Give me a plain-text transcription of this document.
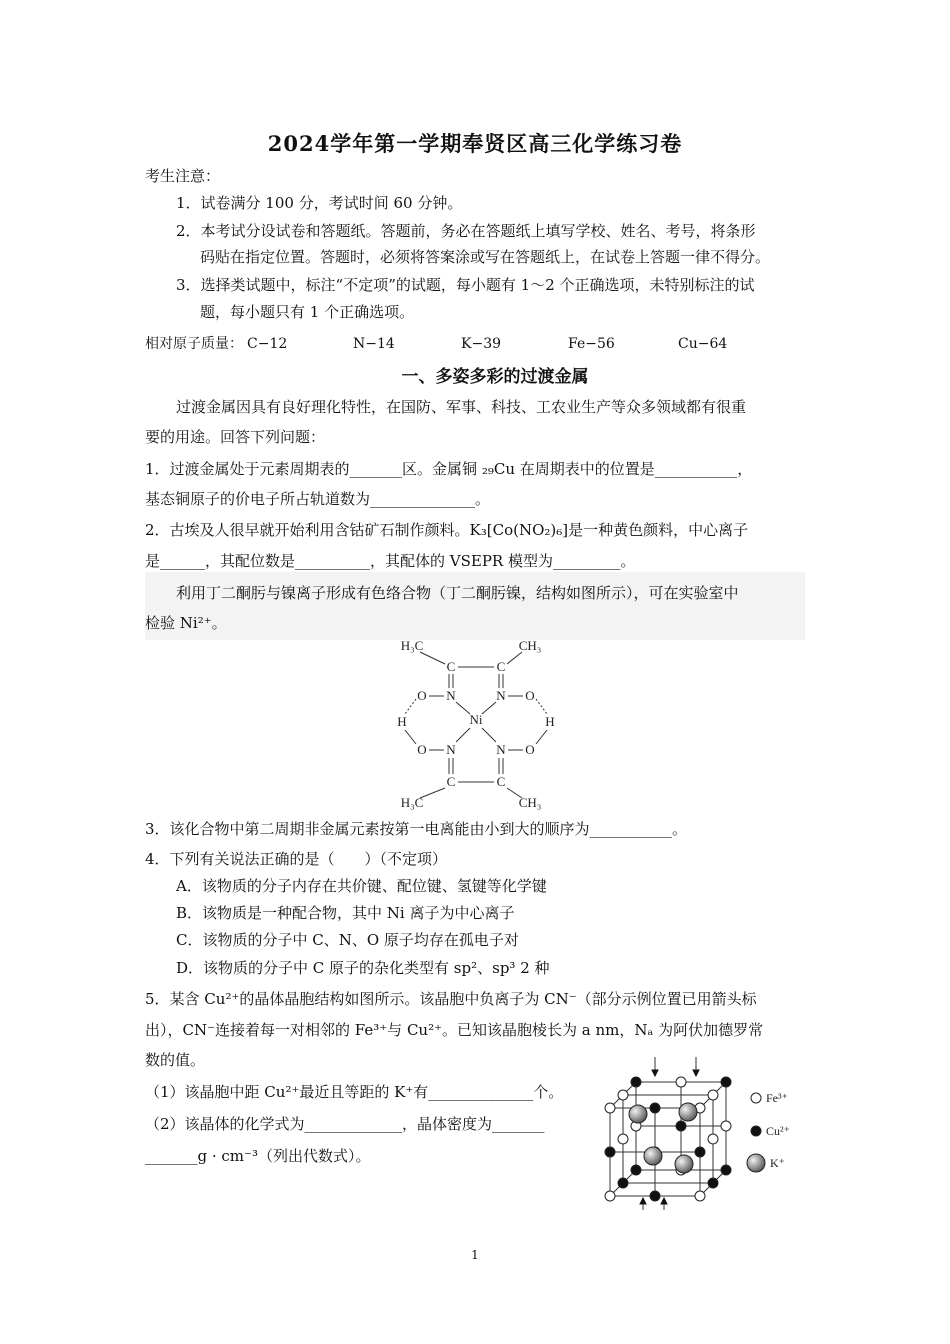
2024学年第一学期奉贤区高三化学练习卷
考生注意：
1．试卷满分 100 分，考试时间 60 分钟。
2．本考试分设试卷和答题纸。答题前，务必在答题纸上填写学校、姓名、考号，将条形
码贴在指定位置。答题时，必须将答案涂或写在答题纸上，在试卷上答题一律不得分。
3．选择类试题中，标注“不定项”的试题，每小题有 1～2 个正确选项，未特别标注的试
题，每小题只有 1 个正确选项。
相对原子质量： C−12	N−14	K−39	Fe−56	Cu−64
一、多姿多彩的过渡金属
过渡金属因具有良好理化特性，在国防、军事、科技、工农业生产等众多领域都有很重
要的用途。回答下列问题：
1．过渡金属处于元素周期表的_______区。金属铜 ₂₉Cu 在周期表中的位置是___________，
基态铜原子的价电子所占轨道数为______________。
2．古埃及人很早就开始利用含钴矿石制作颜料。K₃[Co(NO₂)₆]是一种黄色颜料，中心离子
是______，其配位数是__________，其配体的 VSEPR 模型为_________。
利用丁二酮肟与镍离子形成有色络合物（丁二酮肟镍，结构如图所示），可在实验室中
检验 Ni²⁺。
H₃C	CH₃
C	C
O N	N O
H	Ni	H
O N	N O
C	C
H₃C	CH₃
3．该化合物中第二周期非金属元素按第一电离能由小到大的顺序为___________。
4．下列有关说法正确的是（　　）（不定项）
A．该物质的分子内存在共价键、配位键、氢键等化学键
B．该物质是一种配合物，其中 Ni 离子为中心离子
C．该物质的分子中 C、N、O 原子均存在孤电子对
D．该物质的分子中 C 原子的杂化类型有 sp²、sp³ 2 种
5．某含 Cu²⁺的晶体晶胞结构如图所示。该晶胞中负离子为 CN⁻（部分示例位置已用箭头标
出），CN⁻连接着每一对相邻的 Fe³⁺与 Cu²⁺。已知该晶胞棱长为 a nm，Nₐ 为阿伏加德罗常
数的值。
（1）该晶胞中距 Cu²⁺最近且等距的 K⁺有______________个。
（2）该晶体的化学式为_____________，晶体密度为_______
_______g · cm⁻³（列出代数式）。
Fe³⁺
Cu²⁺
K⁺
1
